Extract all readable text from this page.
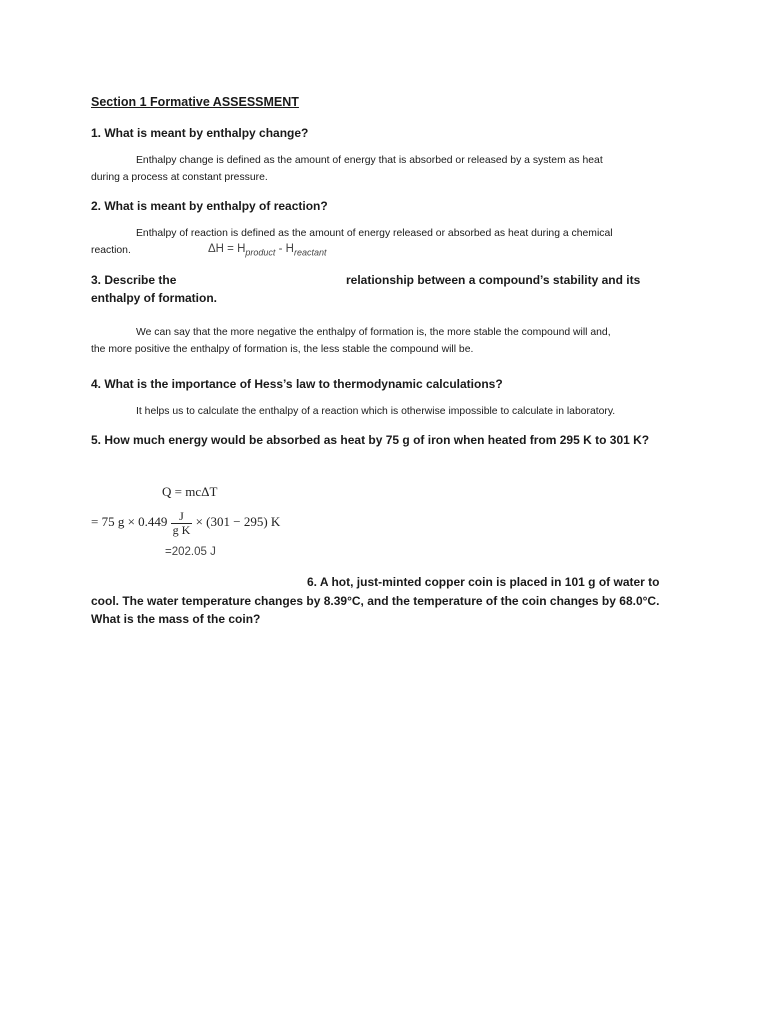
Section 1 Formative ASSESSMENT
1. What is meant by enthalpy change?
Enthalpy change is defined as the amount of energy that is absorbed or released by a system as heat
during a process at constant pressure.
2. What is meant by enthalpy of reaction?
Enthalpy of reaction is defined as the amount of energy released or absorbed as heat during a chemical
reaction.	$\Delta H = H_{product} - H_{reactant}$
3. Describe the	relationship between a compound’s stability and its
enthalpy of formation.
We can say that the more negative the enthalpy of formation is, the more stable the compound will and,
the more positive the enthalpy of formation is, the less stable the compound will be.
4. What is the importance of Hess’s law to thermodynamic calculations?
It helps us to calculate the enthalpy of a reaction which is otherwise impossible to calculate in laboratory.
5. How much energy would be absorbed as heat by 75 g of iron when heated from 295 K to 301 K?
Q = mcΔT
= 75 $g \times 0.449 \frac{J}{\text{g K}} \times (301 - 295)$ K
=202.05 J
6. A hot, just-minted copper coin is placed in 101 g of water to
cool. The water temperature changes by 8.39°C, and the temperature of the coin changes by 68.0°C.
What is the mass of the coin?
